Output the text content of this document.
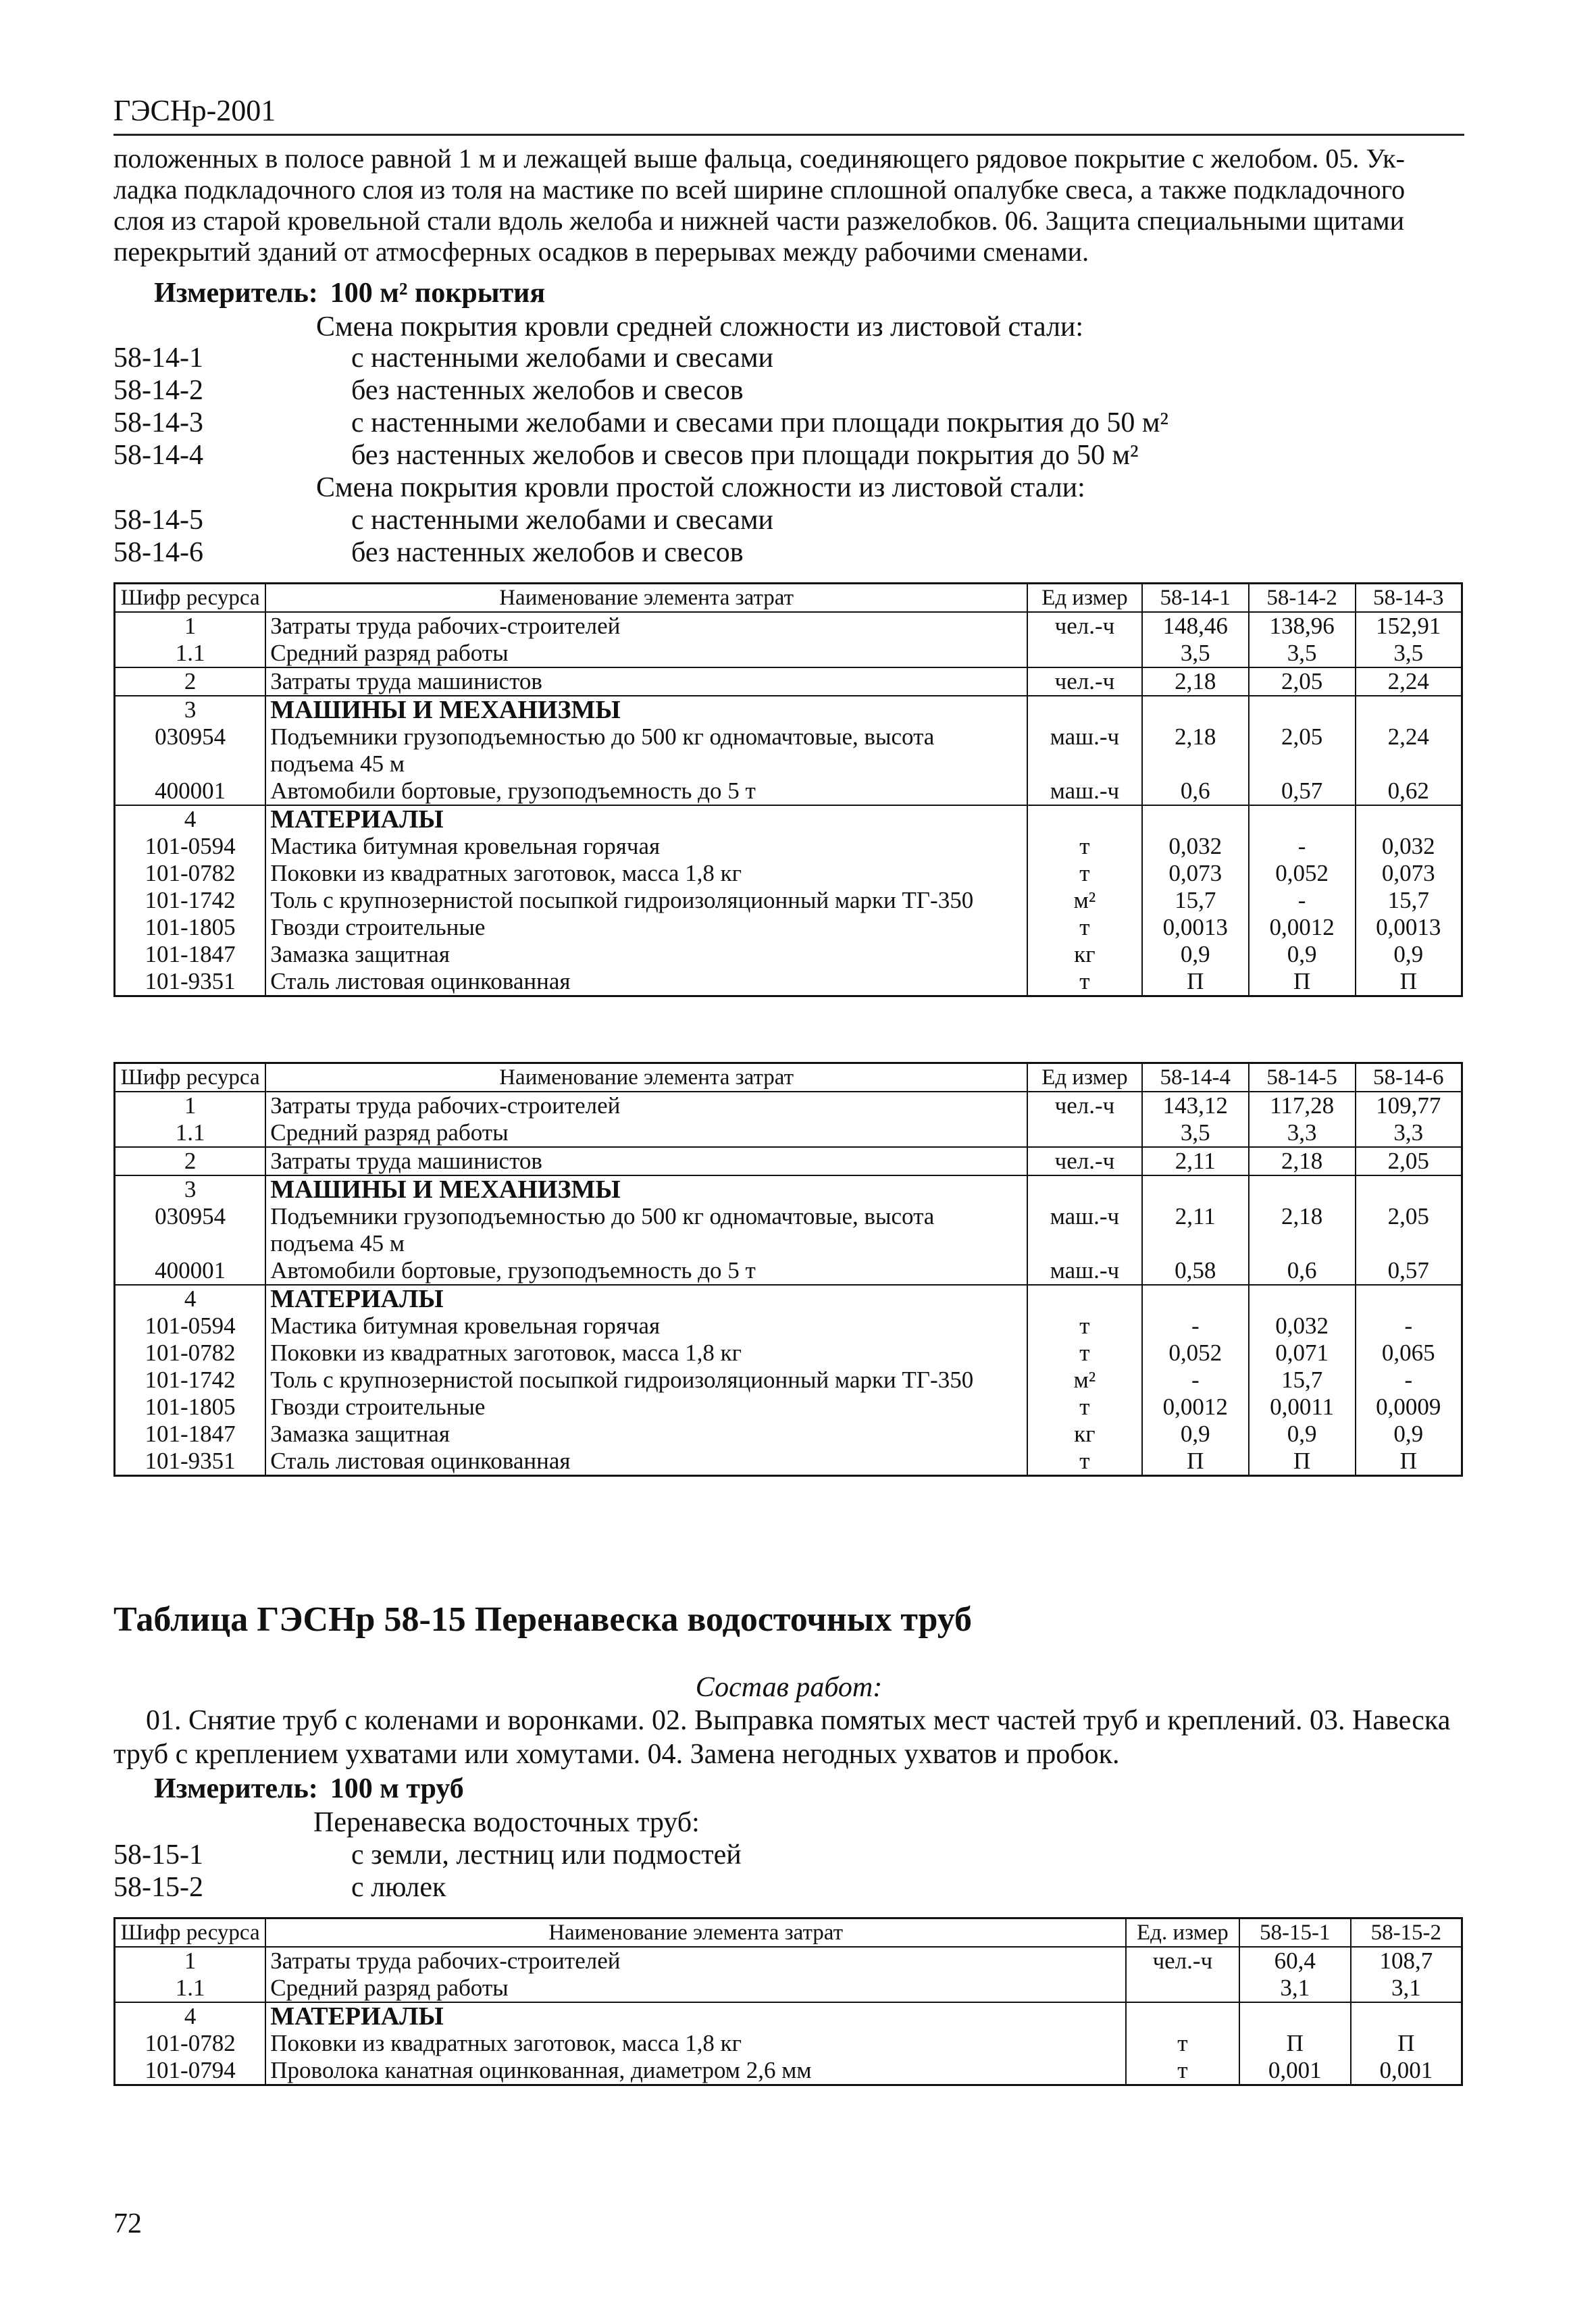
ГЭСНр-2001
положенных в полосе равной 1 м и лежащей выше фальца, соединяющего рядовое покрытие с желобом. 05. Ук-
ладка подкладочного слоя из толя на мастике по всей ширине сплошной опалубке свеса, а также подкладочного
слоя из старой кровельной стали вдоль желоба и нижней части разжелобков. 06. Защита специальными щитами
перекрытий зданий от атмосферных осадков в перерывах между рабочими сменами.
Измеритель: 100 м² покрытия
Смена покрытия кровли средней сложности из листовой стали:
58-14-1	с настенными желобами и свесами
58-14-2	без настенных желобов и свесов
58-14-3	с настенными желобами и свесами при площади покрытия до 50 м²
58-14-4	без настенных желобов и свесов при площади покрытия до 50 м²
Смена покрытия кровли простой сложности из листовой стали:
58-14-5	с настенными желобами и свесами
58-14-6	без настенных желобов и свесов
Шифр ресурса	Наименование элемента затрат	Ед измер	58-14-1	58-14-2	58-14-3
1	Затраты труда рабочих-строителей	чел.-ч	148,46	138,96	152,91
1.1	Средний разряд работы		3,5	3,5	3,5
2	Затраты труда машинистов	чел.-ч	2,18	2,05	2,24
3	МАШИНЫ И МЕХАНИЗМЫ				
030954	Подъемники грузоподъемностью до 500 кг одномачтовые, высота подъема 45 м	маш.-ч	2,18	2,05	2,24
400001	Автомобили бортовые, грузоподъемность до 5 т	маш.-ч	0,6	0,57	0,62
4	МАТЕРИАЛЫ				
101-0594	Мастика битумная кровельная горячая	т	0,032	-	0,032
101-0782	Поковки из квадратных заготовок, масса 1,8 кг	т	0,073	0,052	0,073
101-1742	Толь с крупнозернистой посыпкой гидроизоляционный марки ТГ-350	м²	15,7	-	15,7
101-1805	Гвозди строительные	т	0,0013	0,0012	0,0013
101-1847	Замазка защитная	кг	0,9	0,9	0,9
101-9351	Сталь листовая оцинкованная	т	П	П	П
Шифр ресурса	Наименование элемента затрат	Ед измер	58-14-4	58-14-5	58-14-6
1	Затраты труда рабочих-строителей	чел.-ч	143,12	117,28	109,77
1.1	Средний разряд работы		3,5	3,3	3,3
2	Затраты труда машинистов	чел.-ч	2,11	2,18	2,05
3	МАШИНЫ И МЕХАНИЗМЫ				
030954	Подъемники грузоподъемностью до 500 кг одномачтовые, высота подъема 45 м	маш.-ч	2,11	2,18	2,05
400001	Автомобили бортовые, грузоподъемность до 5 т	маш.-ч	0,58	0,6	0,57
4	МАТЕРИАЛЫ				
101-0594	Мастика битумная кровельная горячая	т	-	0,032	-
101-0782	Поковки из квадратных заготовок, масса 1,8 кг	т	0,052	0,071	0,065
101-1742	Толь с крупнозернистой посыпкой гидроизоляционный марки ТГ-350	м²	-	15,7	-
101-1805	Гвозди строительные	т	0,0012	0,0011	0,0009
101-1847	Замазка защитная	кг	0,9	0,9	0,9
101-9351	Сталь листовая оцинкованная	т	П	П	П
Таблица ГЭСНр 58-15 Перенавеска водосточных труб
Состав работ:
01. Снятие труб с коленами и воронками. 02. Выправка помятых мест частей труб и креплений. 03. Навеска
труб с креплением ухватами или хомутами. 04. Замена негодных ухватов и пробок.
Измеритель: 100 м труб
Перенавеска водосточных труб:
58-15-1	с земли, лестниц или подмостей
58-15-2	с люлек
Шифр ресурса	Наименование элемента затрат	Ед. измер	58-15-1	58-15-2
1	Затраты труда рабочих-строителей	чел.-ч	60,4	108,7
1.1	Средний разряд работы		3,1	3,1
4	МАТЕРИАЛЫ			
101-0782	Поковки из квадратных заготовок, масса 1,8 кг	т	П	П
101-0794	Проволока канатная оцинкованная, диаметром 2,6 мм	т	0,001	0,001
72
